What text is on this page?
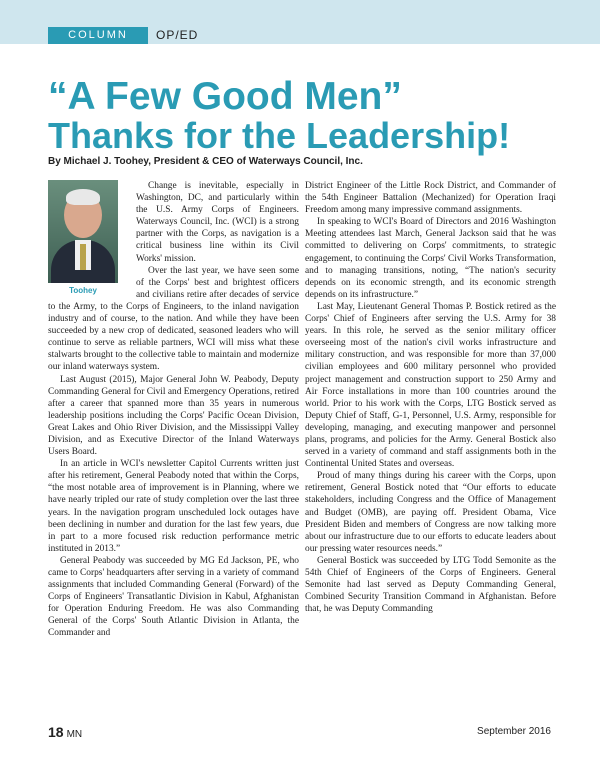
COLUMN	OP/ED
“A Few Good Men”
Thanks for the Leadership!
By Michael J. Toohey, President & CEO of Waterways Council, Inc.
Toohey

Change is inevitable, especially in Washington, DC, and particularly within the U.S. Army Corps of Engineers. Waterways Council, Inc. (WCI) is a strong partner with the Corps, as navigation is a critical business line within its Civil Works' mission.

Over the last year, we have seen some of the Corps' best and brightest officers and civilians retire after decades of service to the Army, to the Corps of Engineers, to the inland navigation industry and of course, to the nation. And while they have been succeeded by a new crop of dedicated, seasoned leaders who will continue to serve as reliable partners, WCI will miss what these stalwarts brought to the collective table to maintain and modernize our inland waterways system.

Last August (2015), Major General John W. Peabody, Deputy Commanding General for Civil and Emergency Operations, retired after a career that spanned more than 35 years in numerous leadership positions including the Corps' Pacific Ocean Division, Great Lakes and Ohio River Division, and the Mississippi Valley Division, and as Executive Director of the Inland Waterways Users Board.

In an article in WCI's newsletter Capitol Currents written just after his retirement, General Peabody noted that within the Corps, “the most notable area of improvement is in Planning, where we have nearly tripled our rate of study completion over the last three years. In the navigation program unscheduled lock outages have been declining in number and duration for the last few years, due in part to a more focused risk reduction performance metric instituted in 2013.”

General Peabody was succeeded by MG Ed Jackson, PE, who came to Corps' headquarters after serving in a variety of command assignments that included Commanding General (Forward) of the Corps of Engineers' Transatlantic Division in Kabul, Afghanistan for Operation Enduring Freedom. He was also Commanding General of the Corps' South Atlantic Division in Atlanta, the Commander and

District Engineer of the Little Rock District, and Commander of the 54th Engineer Battalion (Mechanized) for Operation Iraqi Freedom among many impressive command assignments.

In speaking to WCI's Board of Directors and 2016 Washington Meeting attendees last March, General Jackson said that he was committed to delivering on Corps' commitments, to strategic engagement, to continuing the Corps' Civil Works Transformation, and to managing transitions, noting, “The nation's security depends on its economic strength, and its economic strength depends on its infrastructure.”

Last May, Lieutenant General Thomas P. Bostick retired as the Corps' Chief of Engineers after serving the U.S. Army for 38 years. In this role, he served as the senior military officer overseeing most of the nation's civil works infrastructure and military construction, and was responsible for more than 37,000 civilian employees and 600 military personnel who provided project management and construction support to 250 Army and Air Force installations in more than 100 countries around the world. Prior to his work with the Corps, LTG Bostick served as Deputy Chief of Staff, G-1, Personnel, U.S. Army, responsible for developing, managing, and executing manpower and personnel plans, programs, and policies for the Army. General Bostick also served in a variety of command and staff assignments both in the Continental United States and overseas.

Proud of many things during his career with the Corps, upon retirement, General Bostick noted that “Our efforts to educate stakeholders, including Congress and the Office of Management and Budget (OMB), are paying off. President Obama, Vice President Biden and members of Congress are now talking more about our infrastructure due to our efforts to educate leaders about our pressing water resources needs.”

General Bostick was succeeded by LTG Todd Semonite as the 54th Chief of Engineers of the Corps of Engineers. General Semonite had last served as Deputy Commanding General, Combined Security Transition Command in Afghanistan. Before that, he was Deputy Commanding

18 MN	September 2016
